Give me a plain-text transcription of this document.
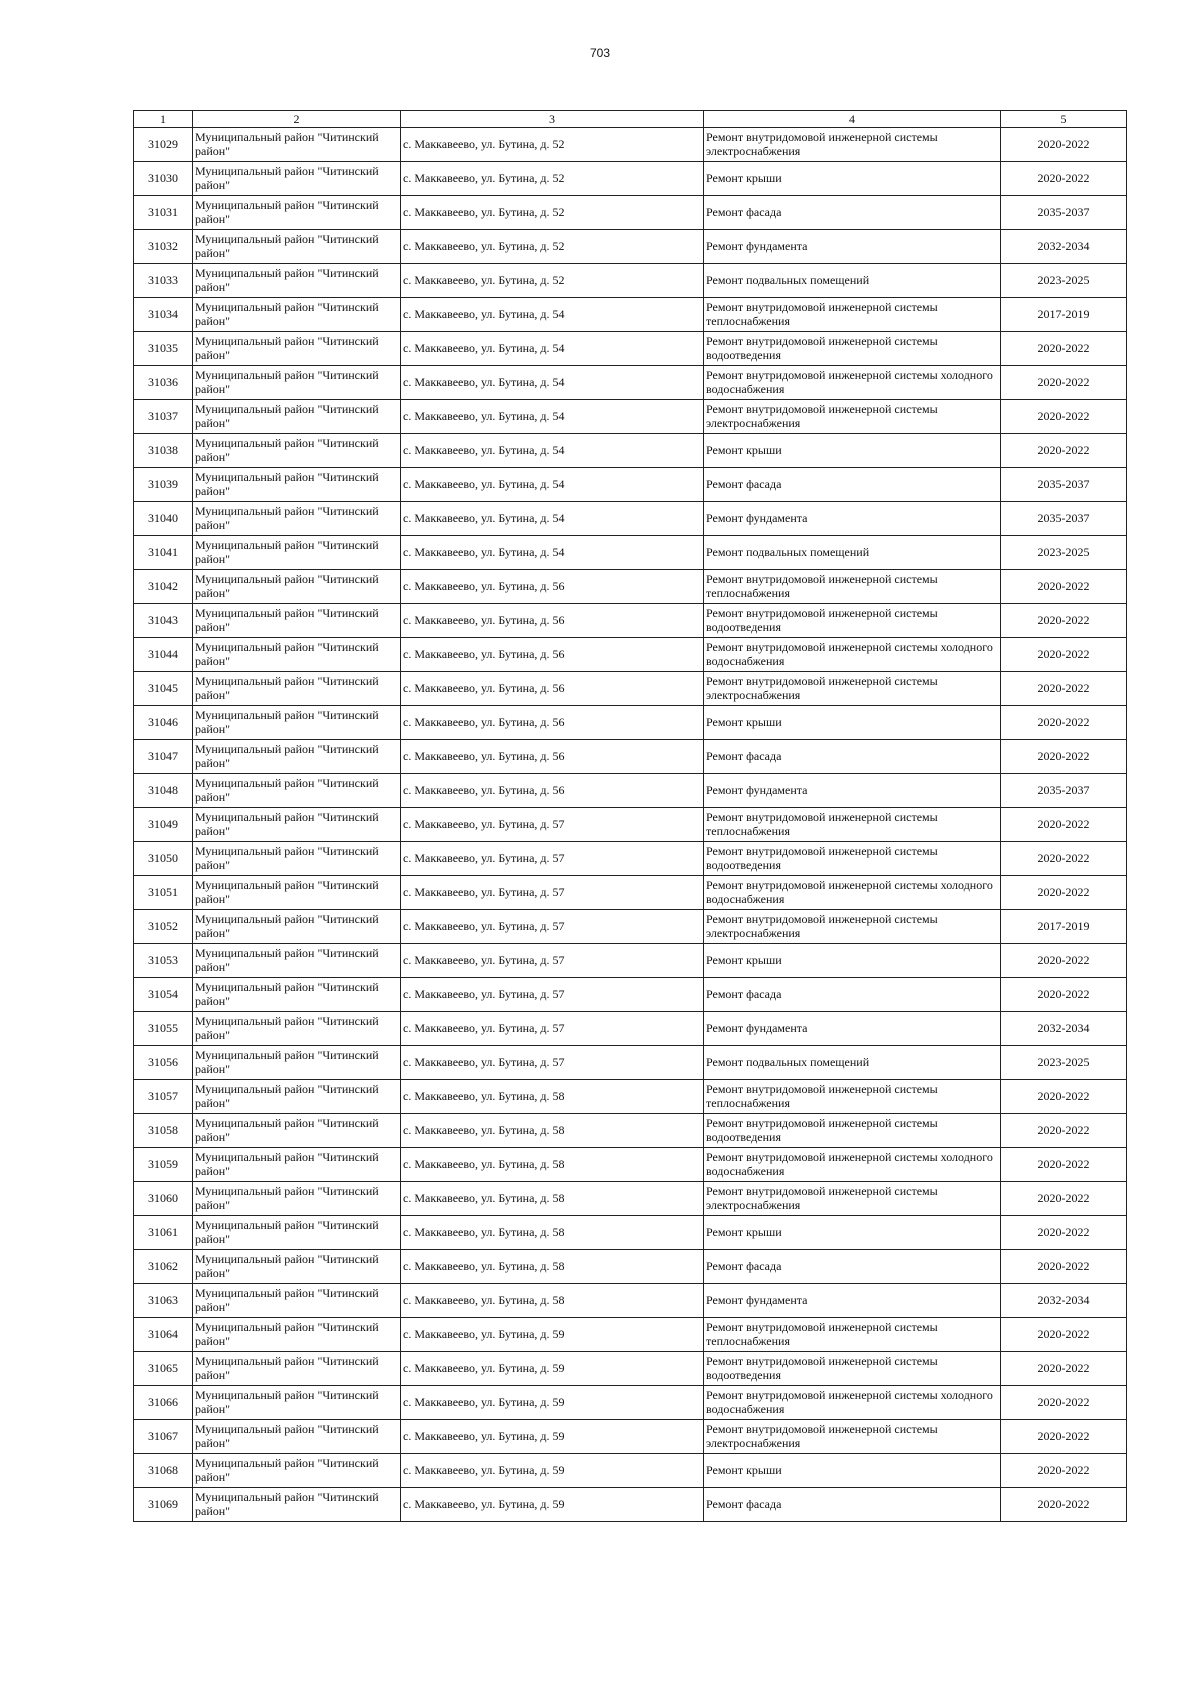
703
1	2	3	4	5
31029	Муниципальный район "Читинский район"	с. Маккавеево, ул. Бутина, д. 52	Ремонт внутридомовой инженерной системы электроснабжения	2020-2022
31030	Муниципальный район "Читинский район"	с. Маккавеево, ул. Бутина, д. 52	Ремонт крыши	2020-2022
31031	Муниципальный район "Читинский район"	с. Маккавеево, ул. Бутина, д. 52	Ремонт фасада	2035-2037
31032	Муниципальный район "Читинский район"	с. Маккавеево, ул. Бутина, д. 52	Ремонт фундамента	2032-2034
31033	Муниципальный район "Читинский район"	с. Маккавеево, ул. Бутина, д. 52	Ремонт подвальных помещений	2023-2025
31034	Муниципальный район "Читинский район"	с. Маккавеево, ул. Бутина, д. 54	Ремонт внутридомовой инженерной системы теплоснабжения	2017-2019
31035	Муниципальный район "Читинский район"	с. Маккавеево, ул. Бутина, д. 54	Ремонт внутридомовой инженерной системы водоотведения	2020-2022
31036	Муниципальный район "Читинский район"	с. Маккавеево, ул. Бутина, д. 54	Ремонт внутридомовой инженерной системы холодного водоснабжения	2020-2022
31037	Муниципальный район "Читинский район"	с. Маккавеево, ул. Бутина, д. 54	Ремонт внутридомовой инженерной системы электроснабжения	2020-2022
31038	Муниципальный район "Читинский район"	с. Маккавеево, ул. Бутина, д. 54	Ремонт крыши	2020-2022
31039	Муниципальный район "Читинский район"	с. Маккавеево, ул. Бутина, д. 54	Ремонт фасада	2035-2037
31040	Муниципальный район "Читинский район"	с. Маккавеево, ул. Бутина, д. 54	Ремонт фундамента	2035-2037
31041	Муниципальный район "Читинский район"	с. Маккавеево, ул. Бутина, д. 54	Ремонт подвальных помещений	2023-2025
31042	Муниципальный район "Читинский район"	с. Маккавеево, ул. Бутина, д. 56	Ремонт внутридомовой инженерной системы теплоснабжения	2020-2022
31043	Муниципальный район "Читинский район"	с. Маккавеево, ул. Бутина, д. 56	Ремонт внутридомовой инженерной системы водоотведения	2020-2022
31044	Муниципальный район "Читинский район"	с. Маккавеево, ул. Бутина, д. 56	Ремонт внутридомовой инженерной системы холодного водоснабжения	2020-2022
31045	Муниципальный район "Читинский район"	с. Маккавеево, ул. Бутина, д. 56	Ремонт внутридомовой инженерной системы электроснабжения	2020-2022
31046	Муниципальный район "Читинский район"	с. Маккавеево, ул. Бутина, д. 56	Ремонт крыши	2020-2022
31047	Муниципальный район "Читинский район"	с. Маккавеево, ул. Бутина, д. 56	Ремонт фасада	2020-2022
31048	Муниципальный район "Читинский район"	с. Маккавеево, ул. Бутина, д. 56	Ремонт фундамента	2035-2037
31049	Муниципальный район "Читинский район"	с. Маккавеево, ул. Бутина, д. 57	Ремонт внутридомовой инженерной системы теплоснабжения	2020-2022
31050	Муниципальный район "Читинский район"	с. Маккавеево, ул. Бутина, д. 57	Ремонт внутридомовой инженерной системы водоотведения	2020-2022
31051	Муниципальный район "Читинский район"	с. Маккавеево, ул. Бутина, д. 57	Ремонт внутридомовой инженерной системы холодного водоснабжения	2020-2022
31052	Муниципальный район "Читинский район"	с. Маккавеево, ул. Бутина, д. 57	Ремонт внутридомовой инженерной системы электроснабжения	2017-2019
31053	Муниципальный район "Читинский район"	с. Маккавеево, ул. Бутина, д. 57	Ремонт крыши	2020-2022
31054	Муниципальный район "Читинский район"	с. Маккавеево, ул. Бутина, д. 57	Ремонт фасада	2020-2022
31055	Муниципальный район "Читинский район"	с. Маккавеево, ул. Бутина, д. 57	Ремонт фундамента	2032-2034
31056	Муниципальный район "Читинский район"	с. Маккавеево, ул. Бутина, д. 57	Ремонт подвальных помещений	2023-2025
31057	Муниципальный район "Читинский район"	с. Маккавеево, ул. Бутина, д. 58	Ремонт внутридомовой инженерной системы теплоснабжения	2020-2022
31058	Муниципальный район "Читинский район"	с. Маккавеево, ул. Бутина, д. 58	Ремонт внутридомовой инженерной системы водоотведения	2020-2022
31059	Муниципальный район "Читинский район"	с. Маккавеево, ул. Бутина, д. 58	Ремонт внутридомовой инженерной системы холодного водоснабжения	2020-2022
31060	Муниципальный район "Читинский район"	с. Маккавеево, ул. Бутина, д. 58	Ремонт внутридомовой инженерной системы электроснабжения	2020-2022
31061	Муниципальный район "Читинский район"	с. Маккавеево, ул. Бутина, д. 58	Ремонт крыши	2020-2022
31062	Муниципальный район "Читинский район"	с. Маккавеево, ул. Бутина, д. 58	Ремонт фасада	2020-2022
31063	Муниципальный район "Читинский район"	с. Маккавеево, ул. Бутина, д. 58	Ремонт фундамента	2032-2034
31064	Муниципальный район "Читинский район"	с. Маккавеево, ул. Бутина, д. 59	Ремонт внутридомовой инженерной системы теплоснабжения	2020-2022
31065	Муниципальный район "Читинский район"	с. Маккавеево, ул. Бутина, д. 59	Ремонт внутридомовой инженерной системы водоотведения	2020-2022
31066	Муниципальный район "Читинский район"	с. Маккавеево, ул. Бутина, д. 59	Ремонт внутридомовой инженерной системы холодного водоснабжения	2020-2022
31067	Муниципальный район "Читинский район"	с. Маккавеево, ул. Бутина, д. 59	Ремонт внутридомовой инженерной системы электроснабжения	2020-2022
31068	Муниципальный район "Читинский район"	с. Маккавеево, ул. Бутина, д. 59	Ремонт крыши	2020-2022
31069	Муниципальный район "Читинский район"	с. Маккавеево, ул. Бутина, д. 59	Ремонт фасада	2020-2022
